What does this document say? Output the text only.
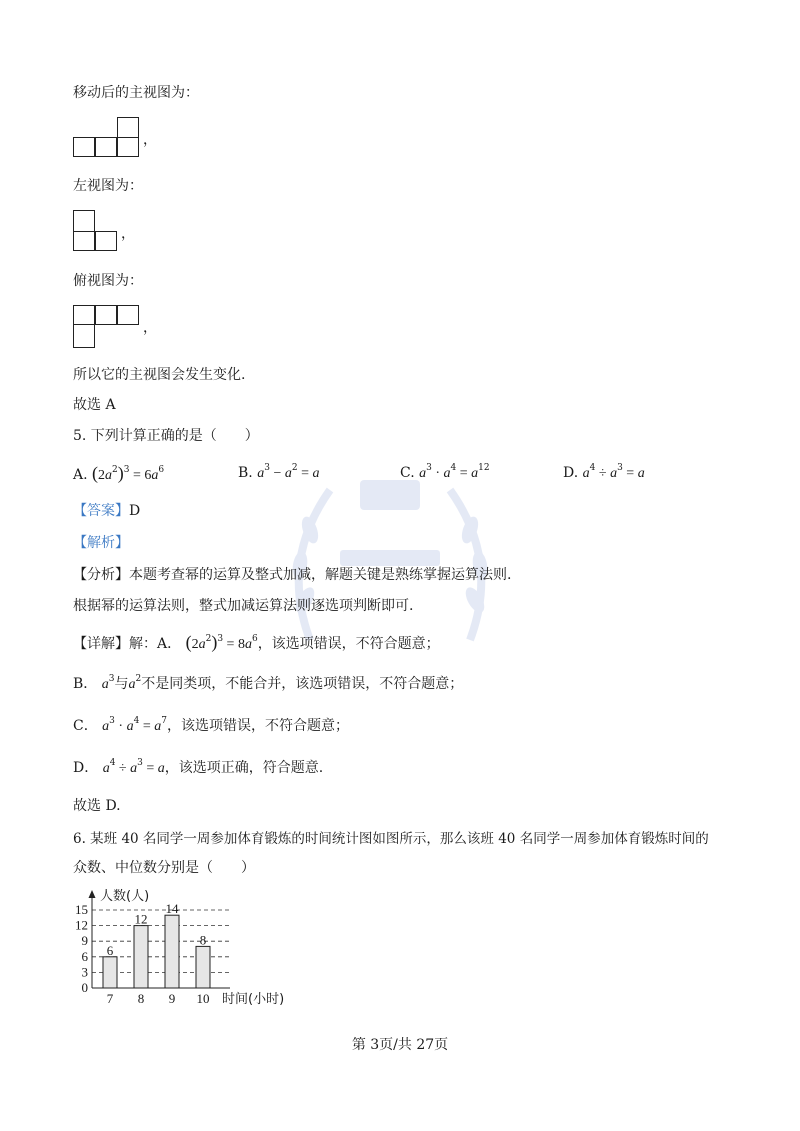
移动后的主视图为：
，
左视图为：
，
俯视图为：
，
所以它的主视图会发生变化.
故选 A
5. 下列计算正确的是（　　）
A. $(2a^2)^3 = 6a^6$	B. $a^3 - a^2 = a$	C. $a^3 \cdot a^4 = a^{12}$	D. $a^4 \div a^3 = a$
【答案】D
【解析】
【分析】本题考查幂的运算及整式加减，解题关键是熟练掌握运算法则.
根据幂的运算法则，整式加减运算法则逐选项判断即可.
【详解】解：A． $(2a^2)^3 = 8a^6$，该选项错误，不符合题意；
B． $a^3$与$a^2$不是同类项，不能合并，该选项错误，不符合题意；
C． $a^3 \cdot a^4 = a^7$，该选项错误，不符合题意；
D． $a^4 \div a^3 = a$，该选项正确，符合题意.
故选 D.
6. 某班 40 名同学一周参加体育锻炼的时间统计图如图所示，那么该班 40 名同学一周参加体育锻炼时间的
众数、中位数分别是（　　）
0
3
6
9
12
15
6
7
12
8
14
9
8
10
人数(人)
时间(小时)
第 3页/共 27页
